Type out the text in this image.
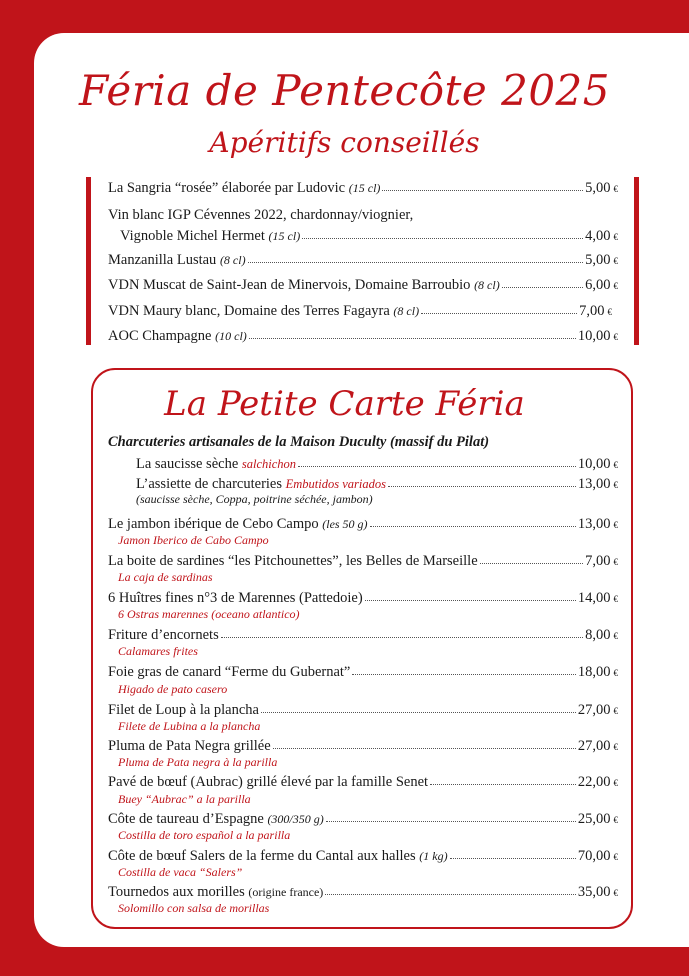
Féria de Pentecôte 2025
Apéritifs conseillés
La Sangria “rosée” élaborée par Ludovic (15 cl)	5,00 €
Vin blanc IGP Cévennes 2022, chardonnay/viognier,
Vignoble Michel Hermet (15 cl)	4,00 €
Manzanilla Lustau (8 cl)	5,00 €
VDN Muscat de Saint-Jean de Minervois, Domaine Barroubio (8 cl)	6,00 €
VDN Maury blanc, Domaine des Terres Fagayra (8 cl)	7,00 €
AOC Champagne (10 cl)	10,00 €
La Petite Carte Féria
Charcuteries artisanales de la Maison Duculty (massif du Pilat)
La saucisse sèche salchichon	10,00 €
L’assiette de charcuteries Embutidos variados	13,00 €
(saucisse sèche, Coppa, poitrine séchée, jambon)
Le jambon ibérique de Cebo Campo (les 50 g)	13,00 €
Jamon Iberico de Cabo Campo
La boite de sardines “les Pitchounettes”, les Belles de Marseille	7,00 €
La caja de sardinas
6 Huîtres fines n°3 de Marennes (Pattedoie)	14,00 €
6 Ostras marennes (oceano atlantico)
Friture d’encornets	8,00 €
Calamares frites
Foie gras de canard “Ferme du Gubernat”	18,00 €
Higado de pato casero
Filet de Loup à la plancha	27,00 €
Filete de Lubina a la plancha
Pluma de Pata Negra grillée	27,00 €
Pluma de Pata negra à la parilla
Pavé de bœuf (Aubrac) grillé élevé par la famille Senet	22,00 €
Buey “Aubrac” a la parilla
Côte de taureau d’Espagne (300/350 g)	25,00 €
Costilla de toro español a la parilla
Côte de bœuf Salers de la ferme du Cantal aux halles (1 kg)	70,00 €
Costilla de vaca “Salers”
Tournedos aux morilles (origine france)	35,00 €
Solomillo con salsa de morillas
